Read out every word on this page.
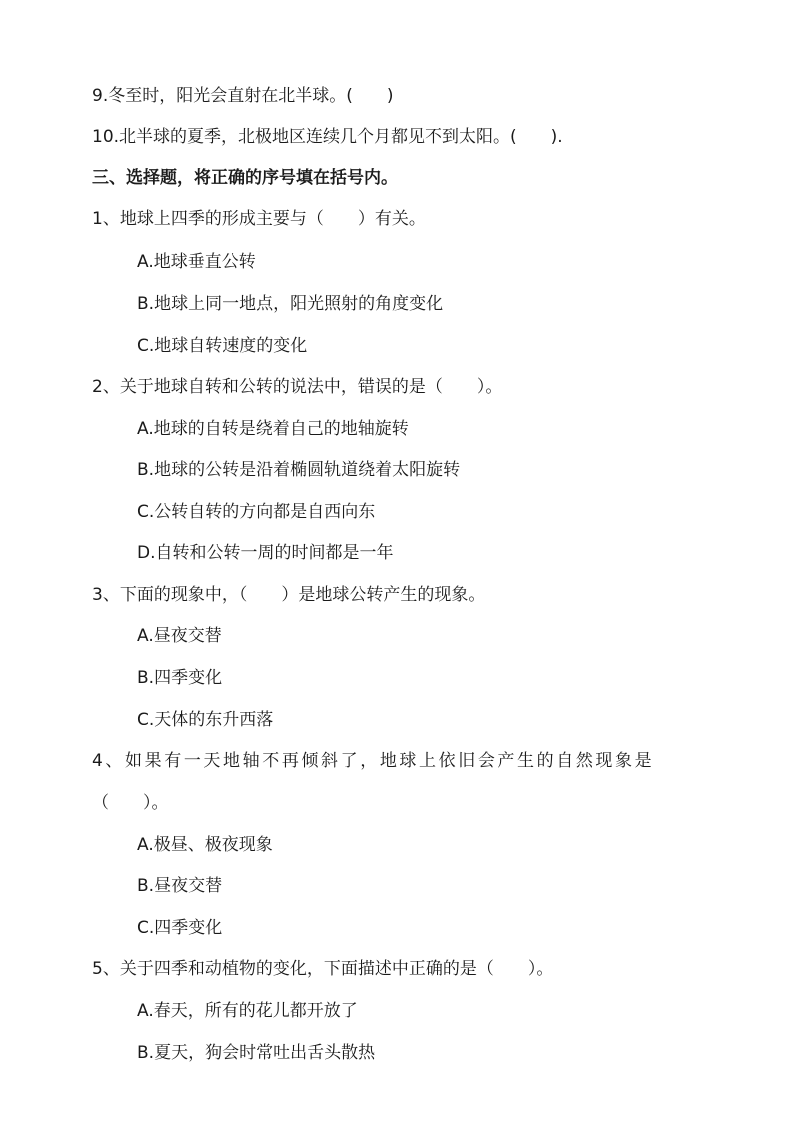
9.冬至时，阳光会直射在北半球。(　　)
10.北半球的夏季，北极地区连续几个月都见不到太阳。(　　).
三、选择题，将正确的序号填在括号内。
1、地球上四季的形成主要与（　　）有关。
A.地球垂直公转
B.地球上同一地点，阳光照射的角度变化
C.地球自转速度的变化
2、关于地球自转和公转的说法中，错误的是（　　）。
A.地球的自转是绕着自己的地轴旋转
B.地球的公转是沿着椭圆轨道绕着太阳旋转
C.公转自转的方向都是自西向东
D.自转和公转一周的时间都是一年
3、下面的现象中，（　　）是地球公转产生的现象。
A.昼夜交替
B.四季变化
C.天体的东升西落
4、如果有一天地轴不再倾斜了，地球上依旧会产生的自然现象是
（　　）。
A.极昼、极夜现象
B.昼夜交替
C.四季变化
5、关于四季和动植物的变化，下面描述中正确的是（　　）。
A.春天，所有的花儿都开放了
B.夏天，狗会时常吐出舌头散热
